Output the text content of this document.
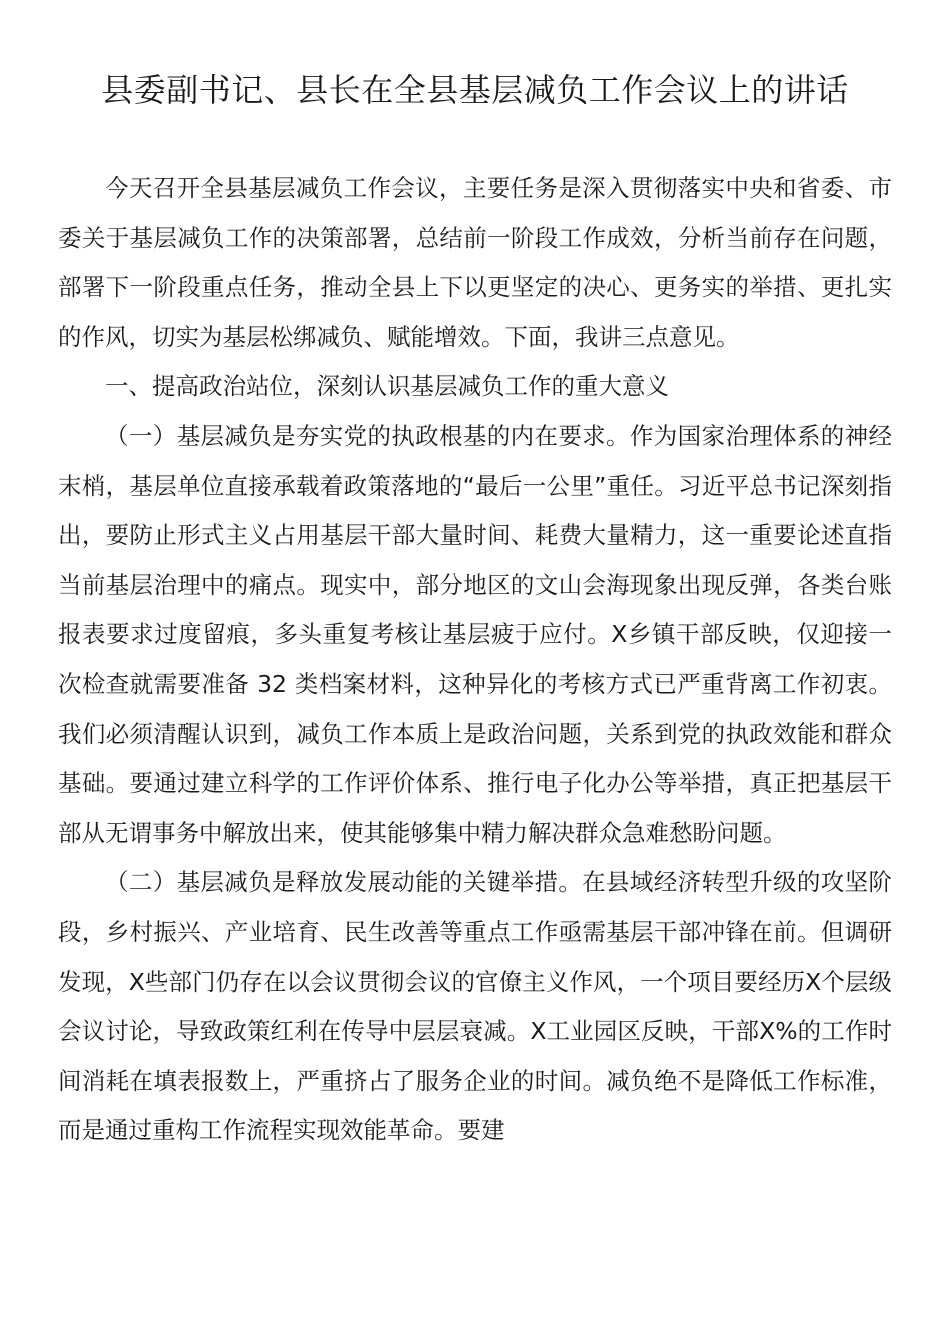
县委副书记、县长在全县基层减负工作会议上的讲话

今天召开全县基层减负工作会议，主要任务是深入贯彻落实中央和省委、市委关于基层减负工作的决策部署，总结前一阶段工作成效，分析当前存在问题，部署下一阶段重点任务，推动全县上下以更坚定的决心、更务实的举措、更扎实的作风，切实为基层松绑减负、赋能增效。下面，我讲三点意见。

一、提高政治站位，深刻认识基层减负工作的重大意义

（一）基层减负是夯实党的执政根基的内在要求。作为国家治理体系的神经末梢，基层单位直接承载着政策落地的“最后一公里”重任。习近平总书记深刻指出，要防止形式主义占用基层干部大量时间、耗费大量精力，这一重要论述直指当前基层治理中的痛点。现实中，部分地区的文山会海现象出现反弹，各类台账报表要求过度留痕，多头重复考核让基层疲于应付。X乡镇干部反映，仅迎接一次检查就需要准备 32 类档案材料，这种异化的考核方式已严重背离工作初衷。我们必须清醒认识到，减负工作本质上是政治问题，关系到党的执政效能和群众基础。要通过建立科学的工作评价体系、推行电子化办公等举措，真正把基层干部从无谓事务中解放出来，使其能够集中精力解决群众急难愁盼问题。

（二）基层减负是释放发展动能的关键举措。在县域经济转型升级的攻坚阶段，乡村振兴、产业培育、民生改善等重点工作亟需基层干部冲锋在前。但调研发现，X些部门仍存在以会议贯彻会议的官僚主义作风，一个项目要经历X个层级会议讨论，导致政策红利在传导中层层衰减。X工业园区反映，干部X%的工作时间消耗在填表报数上，严重挤占了服务企业的时间。减负绝不是降低工作标准，而是通过重构工作流程实现效能革命。要建
